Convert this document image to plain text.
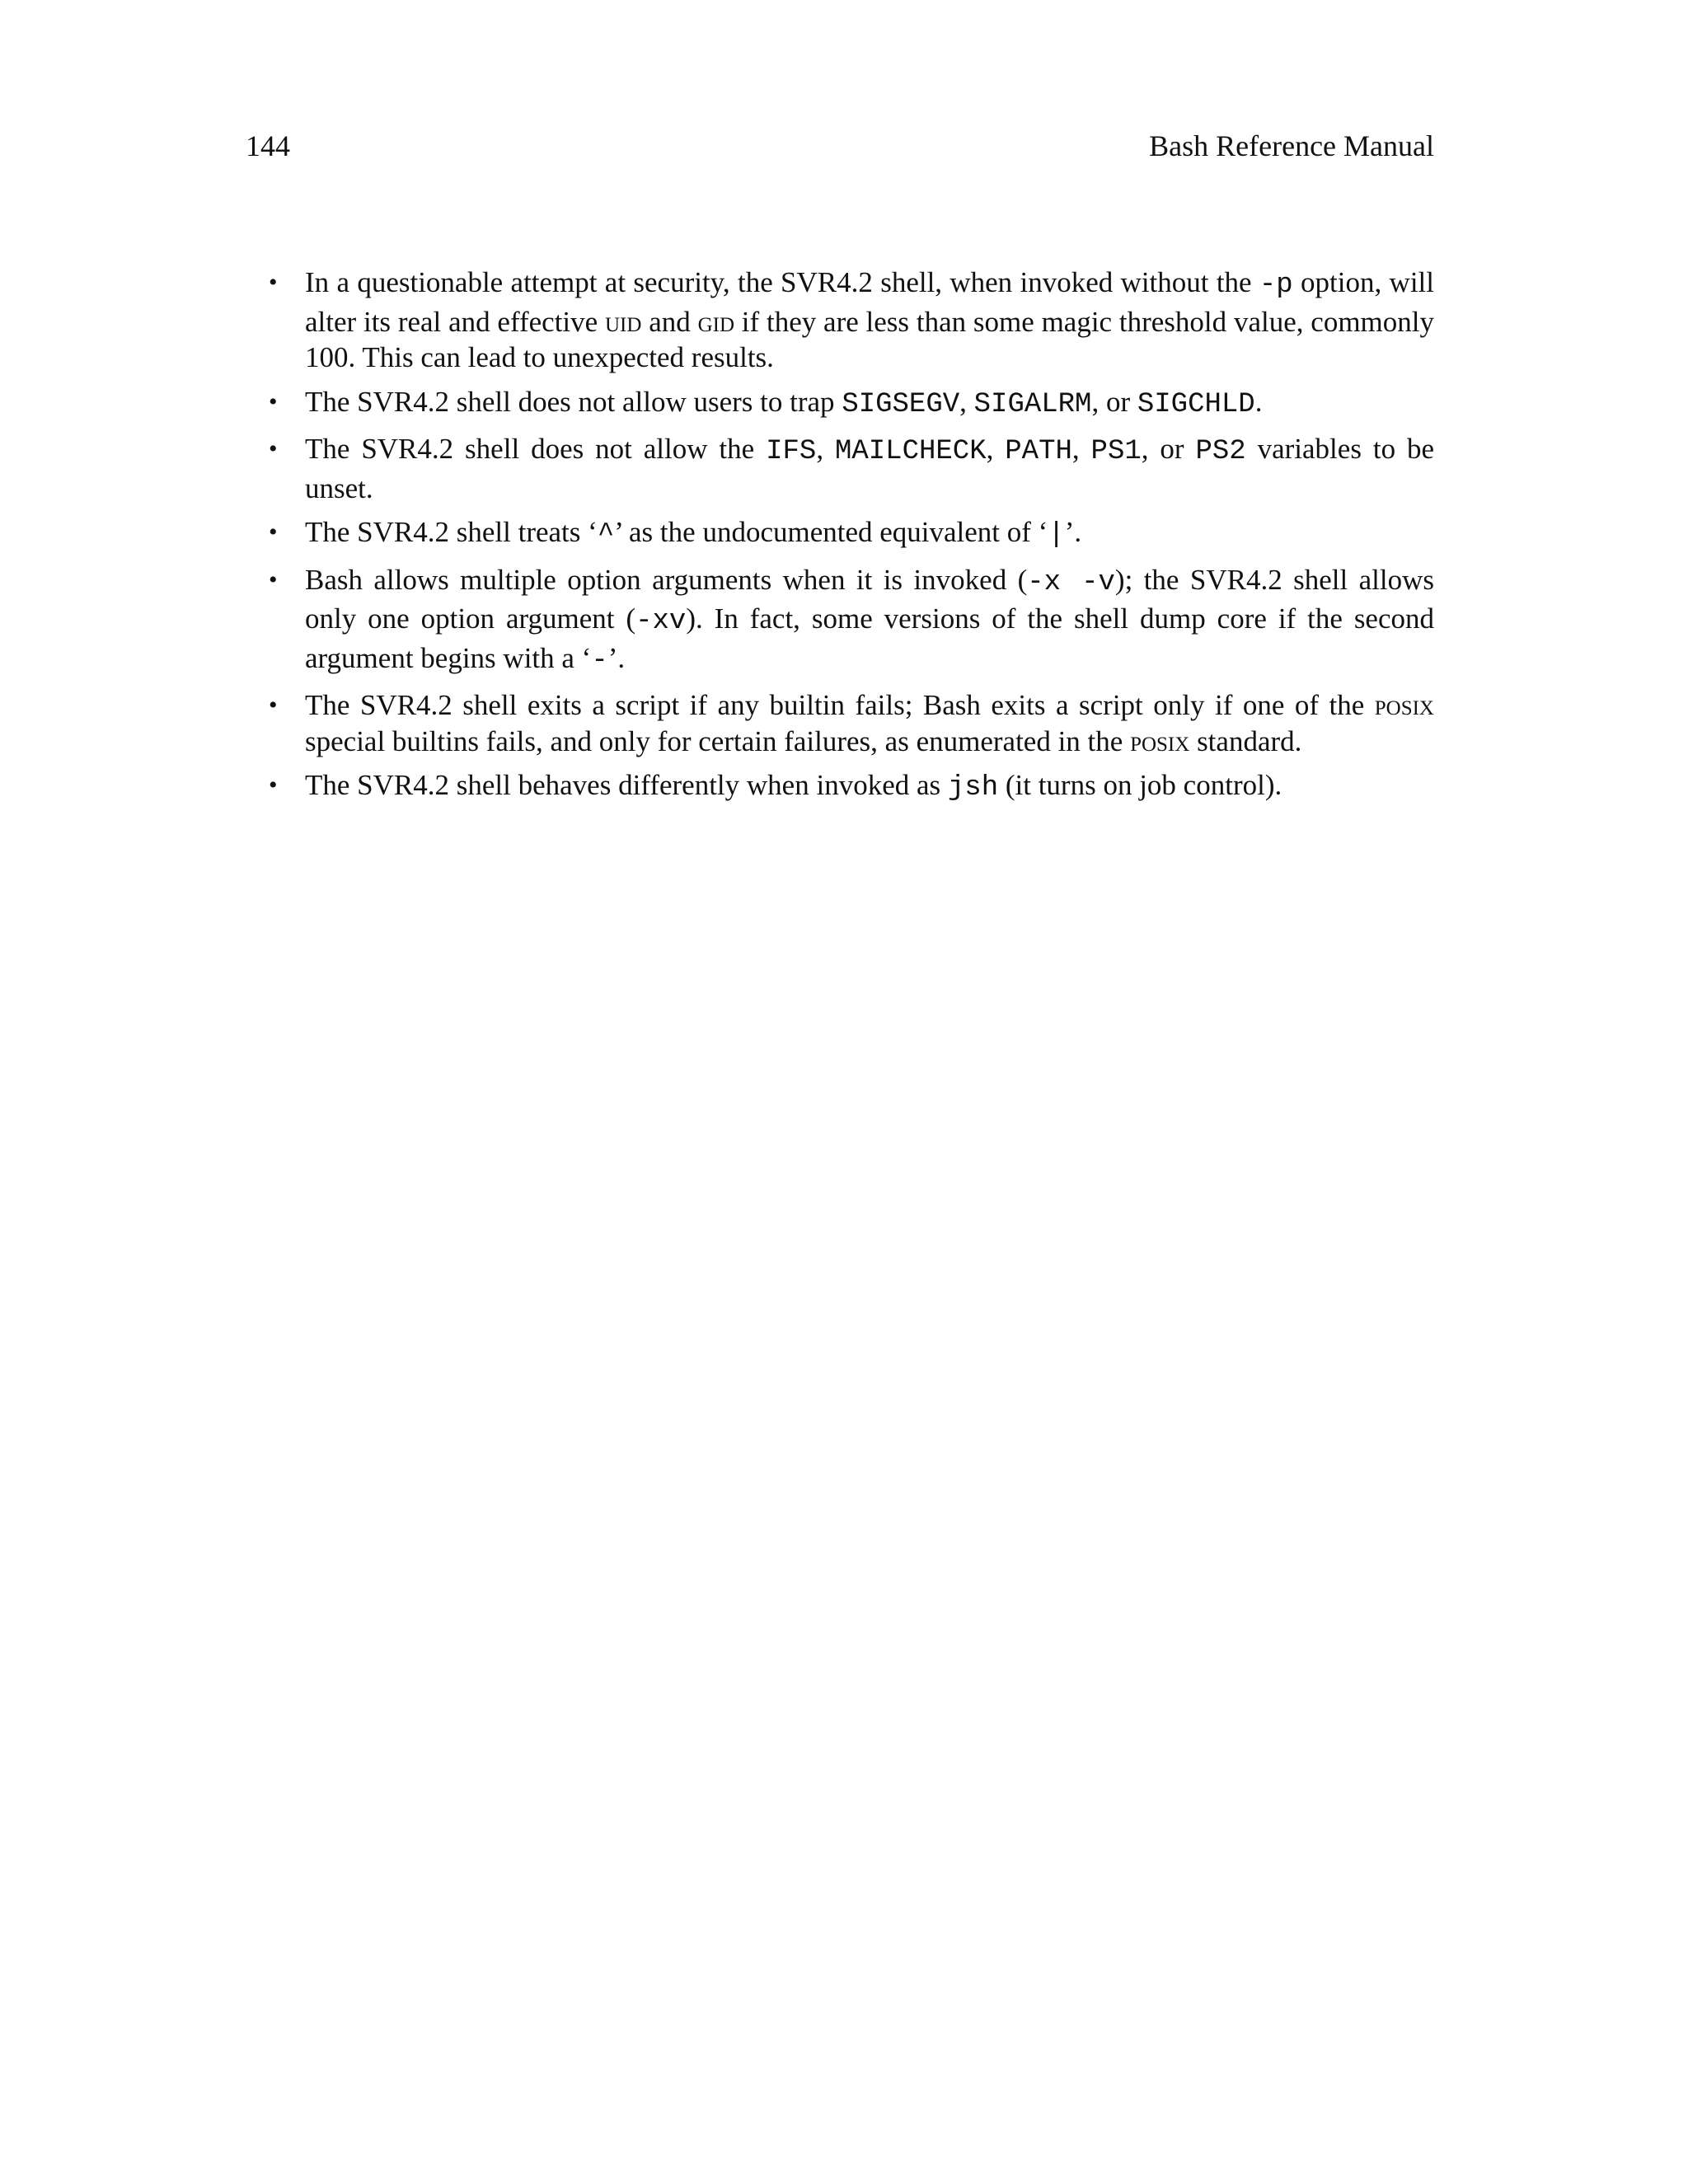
144	Bash Reference Manual
• In a questionable attempt at security, the SVR4.2 shell, when invoked without the -p option, will alter its real and effective uid and gid if they are less than some magic threshold value, commonly 100. This can lead to unexpected results.
• The SVR4.2 shell does not allow users to trap SIGSEGV, SIGALRM, or SIGCHLD.
• The SVR4.2 shell does not allow the IFS, MAILCHECK, PATH, PS1, or PS2 variables to be unset.
• The SVR4.2 shell treats ‘^’ as the undocumented equivalent of ‘|’.
• Bash allows multiple option arguments when it is invoked (-x -v); the SVR4.2 shell allows only one option argument (-xv). In fact, some versions of the shell dump core if the second argument begins with a ‘-’.
• The SVR4.2 shell exits a script if any builtin fails; Bash exits a script only if one of the posix special builtins fails, and only for certain failures, as enumerated in the posix standard.
• The SVR4.2 shell behaves differently when invoked as jsh (it turns on job control).
